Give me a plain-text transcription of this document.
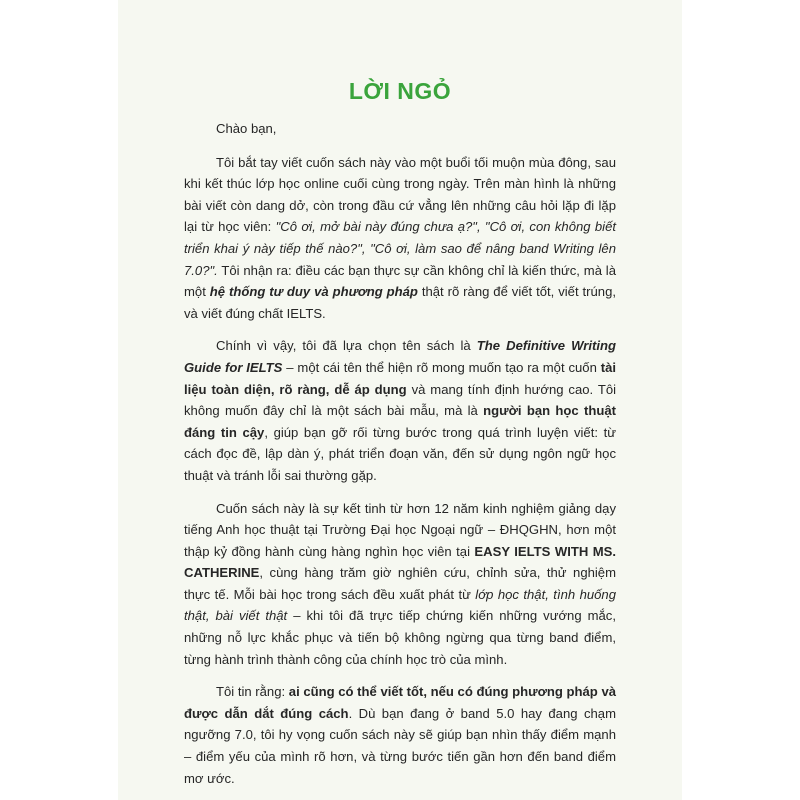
LỜI NGỎ

Chào bạn,

Tôi bắt tay viết cuốn sách này vào một buổi tối muộn mùa đông, sau khi kết thúc lớp học online cuối cùng trong ngày. Trên màn hình là những bài viết còn dang dở, còn trong đầu cứ vẳng lên những câu hỏi lặp đi lặp lại từ học viên: "Cô ơi, mở bài này đúng chưa ạ?", "Cô ơi, con không biết triển khai ý này tiếp thế nào?", "Cô ơi, làm sao để nâng band Writing lên 7.0?". Tôi nhận ra: điều các bạn thực sự cần không chỉ là kiến thức, mà là một hệ thống tư duy và phương pháp thật rõ ràng để viết tốt, viết trúng, và viết đúng chất IELTS.

Chính vì vậy, tôi đã lựa chọn tên sách là The Definitive Writing Guide for IELTS – một cái tên thể hiện rõ mong muốn tạo ra một cuốn tài liệu toàn diện, rõ ràng, dễ áp dụng và mang tính định hướng cao. Tôi không muốn đây chỉ là một sách bài mẫu, mà là người bạn học thuật đáng tin cậy, giúp bạn gỡ rối từng bước trong quá trình luyện viết: từ cách đọc đề, lập dàn ý, phát triển đoạn văn, đến sử dụng ngôn ngữ học thuật và tránh lỗi sai thường gặp.

Cuốn sách này là sự kết tinh từ hơn 12 năm kinh nghiệm giảng dạy tiếng Anh học thuật tại Trường Đại học Ngoại ngữ – ĐHQGHN, hơn một thập kỷ đồng hành cùng hàng nghìn học viên tại EASY IELTS WITH MS. CATHERINE, cùng hàng trăm giờ nghiên cứu, chỉnh sửa, thử nghiệm thực tế. Mỗi bài học trong sách đều xuất phát từ lớp học thật, tình huống thật, bài viết thật – khi tôi đã trực tiếp chứng kiến những vướng mắc, những nỗ lực khắc phục và tiến bộ không ngừng qua từng band điểm, từng hành trình thành công của chính học trò của mình.

Tôi tin rằng: ai cũng có thể viết tốt, nếu có đúng phương pháp và được dẫn dắt đúng cách. Dù bạn đang ở band 5.0 hay đang chạm ngưỡng 7.0, tôi hy vọng cuốn sách này sẽ giúp bạn nhìn thấy điểm mạnh – điểm yếu của mình rõ hơn, và từng bước tiến gần hơn đến band điểm mơ ước.
